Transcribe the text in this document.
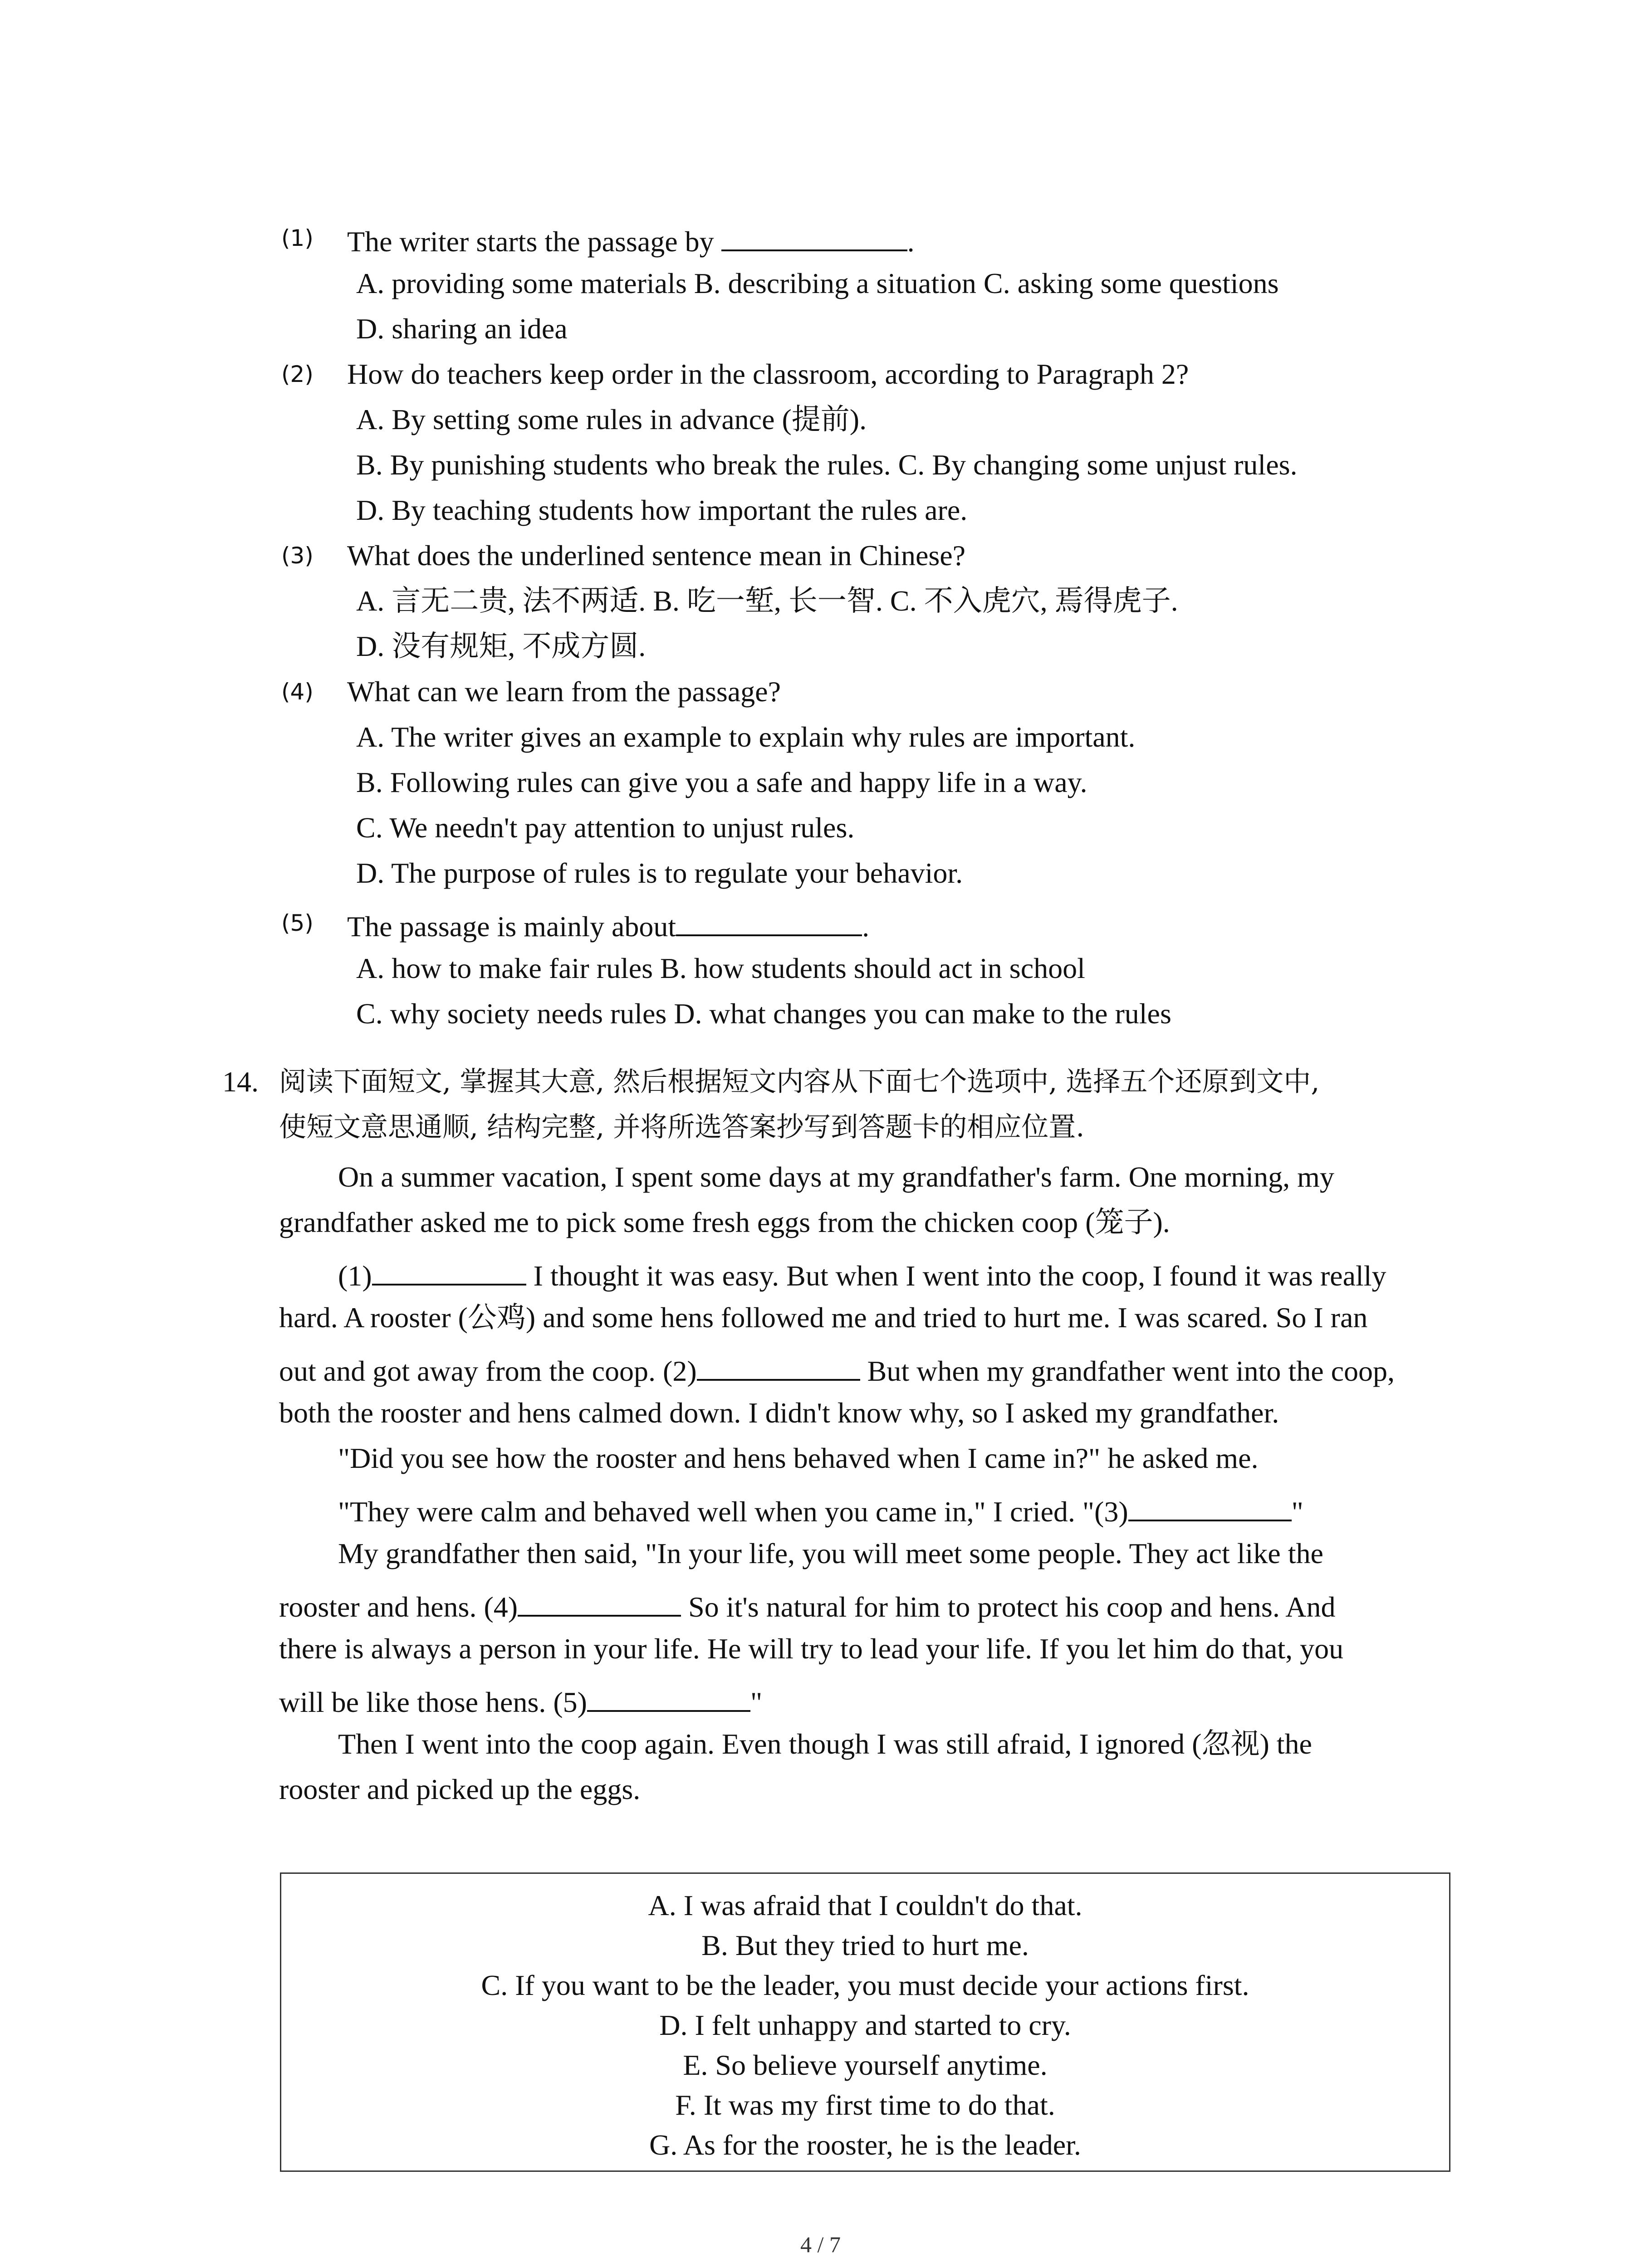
(1) The writer starts the passage by	.
A. providing some materials B. describing a situation C. asking some questions
D. sharing an idea
(2) How do teachers keep order in the classroom, according to Paragraph 2?
A. By setting some rules in advance (提前).
B. By punishing students who break the rules. C. By changing some unjust rules.
D. By teaching students how important the rules are.
(3) What does the underlined sentence mean in Chinese?
A. 言无二贵, 法不两适. B. 吃一堑, 长一智. C. 不入虎穴, 焉得虎子.
D. 没有规矩, 不成方圆.
(4) What can we learn from the passage?
A. The writer gives an example to explain why rules are important.
B. Following rules can give you a safe and happy life in a way.
C. We needn't pay attention to unjust rules.
D. The purpose of rules is to regulate your behavior.
(5) The passage is mainly about	.
A. how to make fair rules B. how students should act in school
C. why society needs rules D. what changes you can make to the rules
14. 阅读下面短文, 掌握其大意, 然后根据短文内容从下面七个选项中, 选择五个还原到文中,
使短文意思通顺, 结构完整, 并将所选答案抄写到答题卡的相应位置.
On a summer vacation, I spent some days at my grandfather's farm. One morning, my
grandfather asked me to pick some fresh eggs from the chicken coop (笼子).
(1)	I thought it was easy. But when I went into the coop, I found it was really
hard. A rooster (公鸡) and some hens followed me and tried to hurt me. I was scared. So I ran
out and got away from the coop. (2)	But when my grandfather went into the coop,
both the rooster and hens calmed down. I didn't know why, so I asked my grandfather.
"Did you see how the rooster and hens behaved when I came in?" he asked me.
"They were calm and behaved well when you came in," I cried. "(3)	"
My grandfather then said, "In your life, you will meet some people. They act like the
rooster and hens. (4)	So it's natural for him to protect his coop and hens. And
there is always a person in your life. He will try to lead your life. If you let him do that, you
will be like those hens. (5)	"
Then I went into the coop again. Even though I was still afraid, I ignored (忽视) the
rooster and picked up the eggs.
A. I was afraid that I couldn't do that.
B. But they tried to hurt me.
C. If you want to be the leader, you must decide your actions first.
D. I felt unhappy and started to cry.
E. So believe yourself anytime.
F. It was my first time to do that.
G. As for the rooster, he is the leader.
4 / 7
